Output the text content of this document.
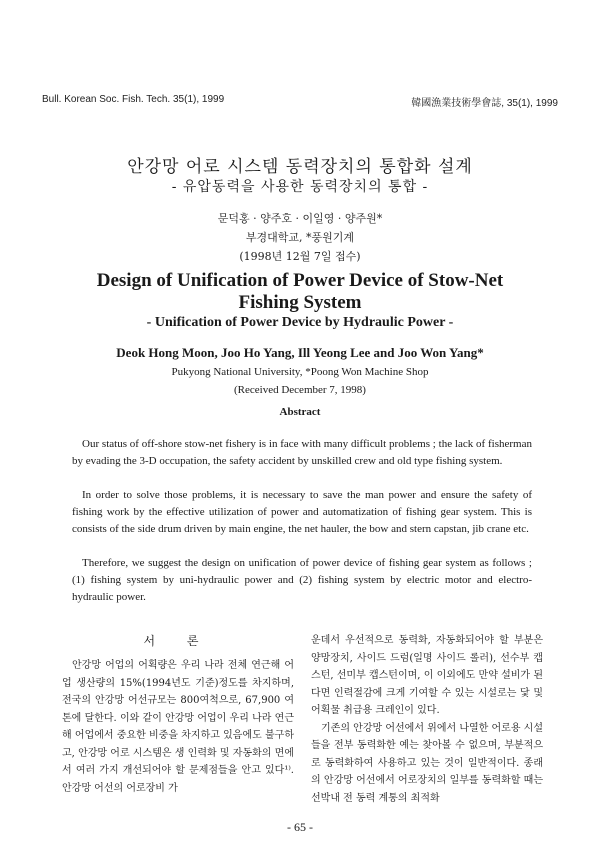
Bull. Korean Soc. Fish. Tech. 35(1), 1999	韓國漁業技術學會誌, 35(1), 1999
안강망 어로 시스템 동력장치의 통합화 설계
- 유압동력을 사용한 동력장치의 통합 -
문덕홍 · 양주호 · 이일영 · 양주원*
부경대학교, *풍원기계
(1998년 12월 7일 접수)
Design of Unification of Power Device of Stow-Net
Fishing System
- Unification of Power Device by Hydraulic Power -
Deok Hong Moon, Joo Ho Yang, Ill Yeong Lee and Joo Won Yang*
Pukyong National University, *Poong Won Machine Shop
(Received December 7, 1998)
Abstract

Our status of off-shore stow-net fishery is in face with many difficult problems ; the lack of fisherman by evading the 3-D occupation, the safety accident by unskilled crew and old type fishing system.

In order to solve those problems, it is necessary to save the man power and ensure the safety of fishing work by the effective utilization of power and automatization of fishing gear system. This is consists of the side drum driven by main engine, the net hauler, the bow and stern capstan, jib crane etc.

Therefore, we suggest the design on unification of power device of fishing gear system as follows ; (1) fishing system by uni-hydraulic power and (2) fishing system by electric motor and electro-hydraulic power.

서 론

안강망 어업의 어획량은 우리 나라 전체 연근해 어업 생산량의 15%(1994년도 기준)정도를 차지하며, 전국의 안강망 어선규모는 800여척으로, 67,900 여톤에 달한다. 이와 같이 안강망 어업이 우리 나라 연근해 어업에서 중요한 비중을 차지하고 있음에도 불구하고, 안강망 어로 시스템은 생 인력화 및 자동화의 면에서 여러 가지 개선되어야 할 문제점들을 안고 있다¹⁾. 안강망 어선의 어로장비 가

운데서 우선적으로 동력화, 자동화되어야 할 부분은 양망장치, 사이드 드럼(일명 사이드 롤러), 선수부 캡스턴, 선미부 캡스턴이며, 이 이외에도 만약 설비가 된다면 인력절감에 크게 기여할 수 있는 시설로는 닻 및 어획물 취급용 크레인이 있다.

기존의 안강망 어선에서 위에서 나열한 어로용 시설들을 전부 동력화한 예는 찾아볼 수 없으며, 부분적으로 동력화하여 사용하고 있는 것이 일반적이다. 종래의 안강망 어선에서 어로장치의 일부를 동력화할 때는 선박내 전 동력 계통의 최적화

- 65 -
